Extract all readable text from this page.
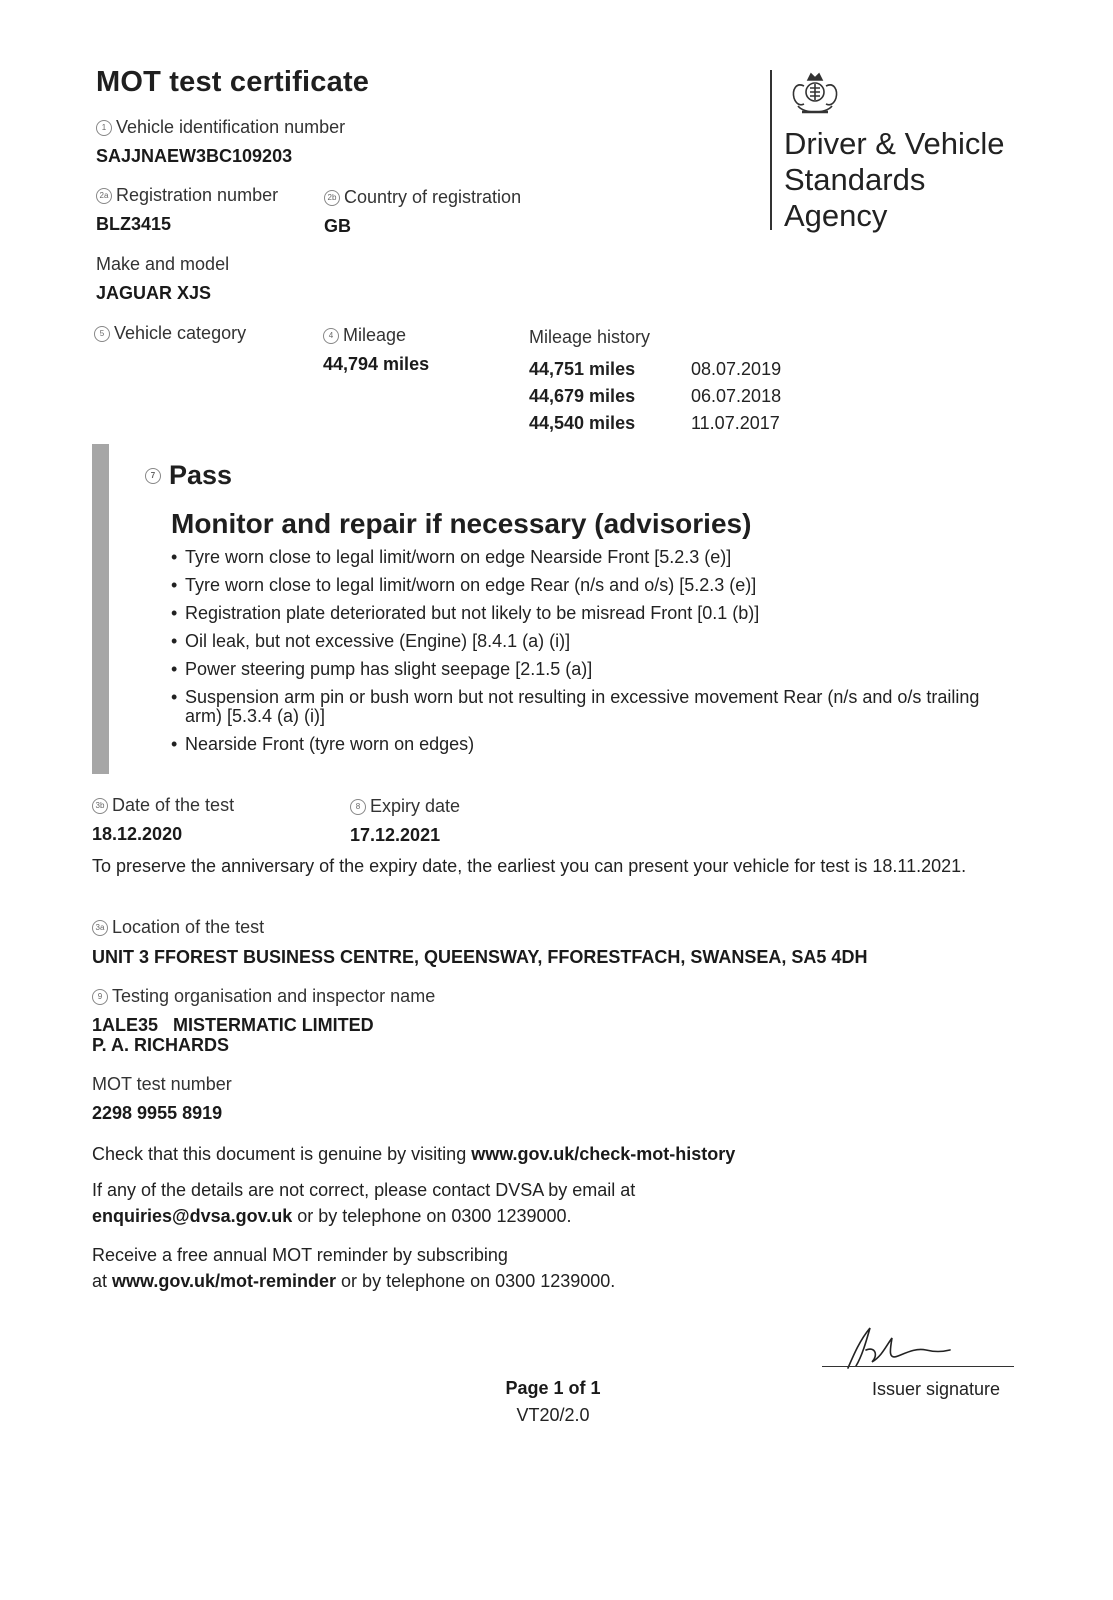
MOT test certificate
Driver & Vehicle
Standards
Agency
1 Vehicle identification number
SAJJNAEW3BC109203
2a Registration number
BLZ3415
2b Country of registration
GB
Make and model
JAGUAR XJS
5 Vehicle category	4 Mileage
44,794 miles
Mileage history
44,751 miles	08.07.2019
44,679 miles	06.07.2018
44,540 miles	11.07.2017
7 Pass
Monitor and repair if necessary (advisories)
• Tyre worn close to legal limit/worn on edge Nearside Front [5.2.3 (e)]
• Tyre worn close to legal limit/worn on edge Rear (n/s and o/s) [5.2.3 (e)]
• Registration plate deteriorated but not likely to be misread Front [0.1 (b)]
• Oil leak, but not excessive (Engine) [8.4.1 (a) (i)]
• Power steering pump has slight seepage [2.1.5 (a)]
• Suspension arm pin or bush worn but not resulting in excessive movement Rear (n/s and o/s trailing arm) [5.3.4 (a) (i)]
• Nearside Front (tyre worn on edges)
3b Date of the test
18.12.2020
8 Expiry date
17.12.2021
To preserve the anniversary of the expiry date, the earliest you can present your vehicle for test is 18.11.2021.
3a Location of the test
UNIT 3 FFOREST BUSINESS CENTRE, QUEENSWAY, FFORESTFACH, SWANSEA, SA5 4DH
9 Testing organisation and inspector name
1ALE35   MISTERMATIC LIMITED
P. A. RICHARDS
MOT test number
2298 9955 8919
Check that this document is genuine by visiting www.gov.uk/check-mot-history
If any of the details are not correct, please contact DVSA by email at
enquiries@dvsa.gov.uk or by telephone on 0300 1239000.
Receive a free annual MOT reminder by subscribing
at www.gov.uk/mot-reminder or by telephone on 0300 1239000.
Page 1 of 1
VT20/2.0
Issuer signature
